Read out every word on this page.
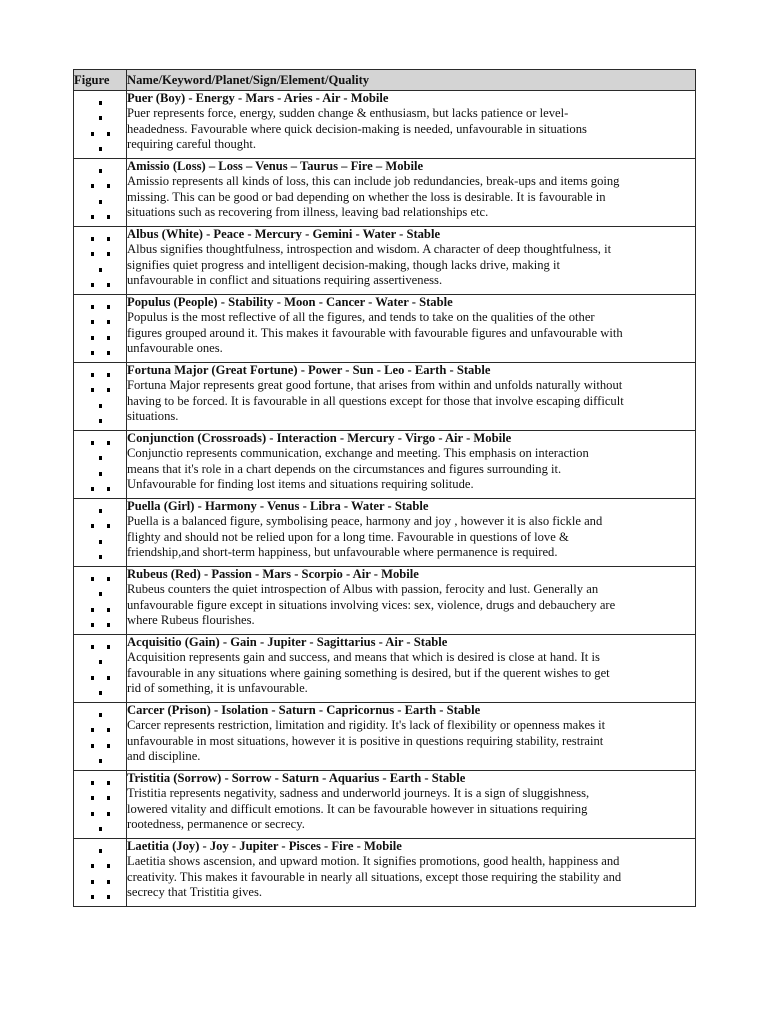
Figure	Name/Keyword/Planet/Sign/Element/Quality

	Puer (Boy) - Energy - Mars - Aries - Air - Mobile
Puer represents force, energy, sudden change & enthusiasm, but lacks patience or level-
headedness. Favourable where quick decision-making is needed, unfavourable in situations
requiring careful thought.

	Amissio (Loss) – Loss – Venus – Taurus – Fire – Mobile
Amissio represents all kinds of loss, this can include job redundancies, break-ups and items going
missing. This can be good or bad depending on whether the loss is desirable. It is favourable in
situations such as recovering from illness, leaving bad relationships etc.

	Albus (White) - Peace - Mercury - Gemini - Water - Stable
Albus signifies thoughtfulness, introspection and wisdom. A character of deep thoughtfulness, it
signifies quiet progress and intelligent decision-making, though lacks drive, making it
unfavourable in conflict and situations requiring assertiveness.

	Populus (People) - Stability - Moon - Cancer - Water - Stable
Populus is the most reflective of all the figures, and tends to take on the qualities of the other
figures grouped around it. This makes it favourable with favourable figures and unfavourable with
unfavourable ones.

	Fortuna Major (Great Fortune) - Power - Sun - Leo - Earth - Stable
Fortuna Major represents great good fortune, that arises from within and unfolds naturally without
having to be forced. It is favourable in all questions except for those that involve escaping difficult
situations.

	Conjunction (Crossroads) - Interaction - Mercury - Virgo - Air - Mobile
Conjunctio represents communication, exchange and meeting. This emphasis on interaction
means that it's role in a chart depends on the circumstances and figures surrounding it.
Unfavourable for finding lost items and situations requiring solitude.

	Puella (Girl) - Harmony - Venus - Libra - Water - Stable
Puella is a balanced figure, symbolising peace, harmony and joy , however it is also fickle and
flighty and should not be relied upon for a long time. Favourable in questions of love &
friendship,and short-term happiness, but unfavourable where permanence is required.

	Rubeus (Red) - Passion - Mars - Scorpio - Air - Mobile
Rubeus counters the quiet introspection of Albus with passion, ferocity and lust. Generally an
unfavourable figure except in situations involving vices: sex, violence, drugs and debauchery are
where Rubeus flourishes.

	Acquisitio (Gain) - Gain - Jupiter - Sagittarius - Air - Stable
Acquisition represents gain and success, and means that which is desired is close at hand. It is
favourable in any situations where gaining something is desired, but if the querent wishes to get
rid of something, it is unfavourable.

	Carcer (Prison) - Isolation - Saturn - Capricornus - Earth - Stable
Carcer represents restriction, limitation and rigidity. It's lack of flexibility or openness makes it
unfavourable in most situations, however it is positive in questions requiring stability, restraint
and discipline.

	Tristitia (Sorrow) - Sorrow - Saturn - Aquarius - Earth - Stable
Tristitia represents negativity, sadness and underworld journeys. It is a sign of sluggishness,
lowered vitality and difficult emotions. It can be favourable however in situations requiring
rootedness, permanence or secrecy.

	Laetitia (Joy) - Joy - Jupiter - Pisces - Fire - Mobile
Laetitia shows ascension, and upward motion. It signifies promotions, good health, happiness and
creativity. This makes it favourable in nearly all situations, except those requiring the stability and
secrecy that Tristitia gives.
